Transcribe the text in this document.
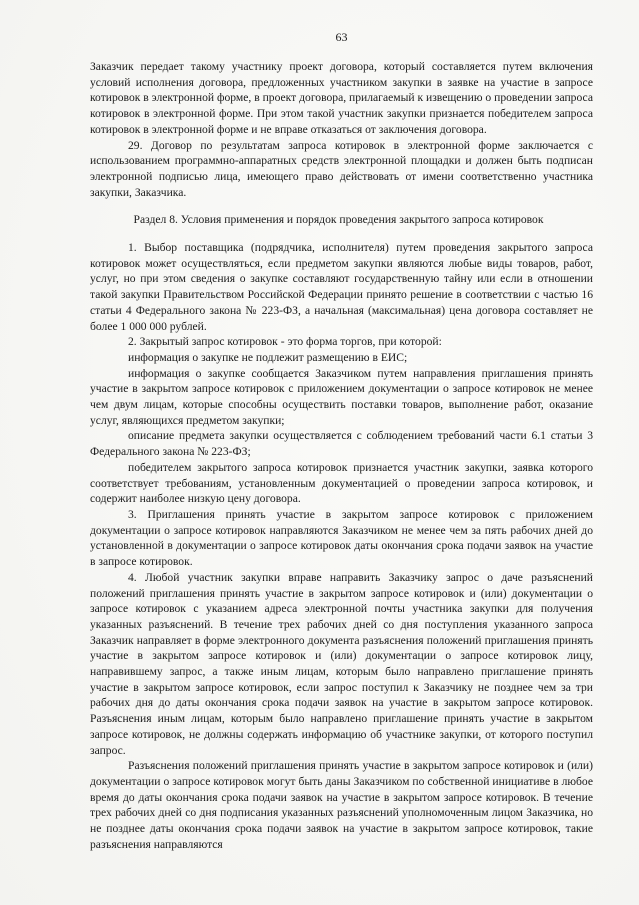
63

Заказчик передает такому участнику проект договора, который составляется путем включения условий исполнения договора, предложенных участником закупки в заявке на участие в запросе котировок в электронной форме, в проект договора, прилагаемый к извещению о проведении запроса котировок в электронной форме. При этом такой участник закупки признается победителем запроса котировок в электронной форме и не вправе отказаться от заключения договора.

29. Договор по результатам запроса котировок в электронной форме заключается с использованием программно-аппаратных средств электронной площадки и должен быть подписан электронной подписью лица, имеющего право действовать от имени соответственно участника закупки, Заказчика.

Раздел 8. Условия применения и порядок проведения закрытого запроса котировок

1. Выбор поставщика (подрядчика, исполнителя) путем проведения закрытого запроса котировок может осуществляться, если предметом закупки являются любые виды товаров, работ, услуг, но при этом сведения о закупке составляют государственную тайну или если в отношении такой закупки Правительством Российской Федерации принято решение в соответствии с частью 16 статьи 4 Федерального закона № 223-ФЗ, а начальная (максимальная) цена договора составляет не более 1 000 000 рублей.

2. Закрытый запрос котировок - это форма торгов, при которой:

информация о закупке не подлежит размещению в ЕИС;

информация о закупке сообщается Заказчиком путем направления приглашения принять участие в закрытом запросе котировок с приложением документации о запросе котировок не менее чем двум лицам, которые способны осуществить поставки товаров, выполнение работ, оказание услуг, являющихся предметом закупки;

описание предмета закупки осуществляется с соблюдением требований части 6.1 статьи 3 Федерального закона № 223-ФЗ;

победителем закрытого запроса котировок признается участник закупки, заявка которого соответствует требованиям, установленным документацией о проведении запроса котировок, и содержит наиболее низкую цену договора.

3. Приглашения принять участие в закрытом запросе котировок с приложением документации о запросе котировок направляются Заказчиком не менее чем за пять рабочих дней до установленной в документации о запросе котировок даты окончания срока подачи заявок на участие в запросе котировок.

4. Любой участник закупки вправе направить Заказчику запрос о даче разъяснений положений приглашения принять участие в закрытом запросе котировок и (или) документации о запросе котировок с указанием адреса электронной почты участника закупки для получения указанных разъяснений. В течение трех рабочих дней со дня поступления указанного запроса Заказчик направляет в форме электронного документа разъяснения положений приглашения принять участие в закрытом запросе котировок и (или) документации о запросе котировок лицу, направившему запрос, а также иным лицам, которым было направлено приглашение принять участие в закрытом запросе котировок, если запрос поступил к Заказчику не позднее чем за три рабочих дня до даты окончания срока подачи заявок на участие в закрытом запросе котировок. Разъяснения иным лицам, которым было направлено приглашение принять участие в закрытом запросе котировок, не должны содержать информацию об участнике закупки, от которого поступил запрос.

Разъяснения положений приглашения принять участие в закрытом запросе котировок и (или) документации о запросе котировок могут быть даны Заказчиком по собственной инициативе в любое время до даты окончания срока подачи заявок на участие в закрытом запросе котировок. В течение трех рабочих дней со дня подписания указанных разъяснений уполномоченным лицом Заказчика, но не позднее даты окончания срока подачи заявок на участие в закрытом запросе котировок, такие разъяснения направляются
